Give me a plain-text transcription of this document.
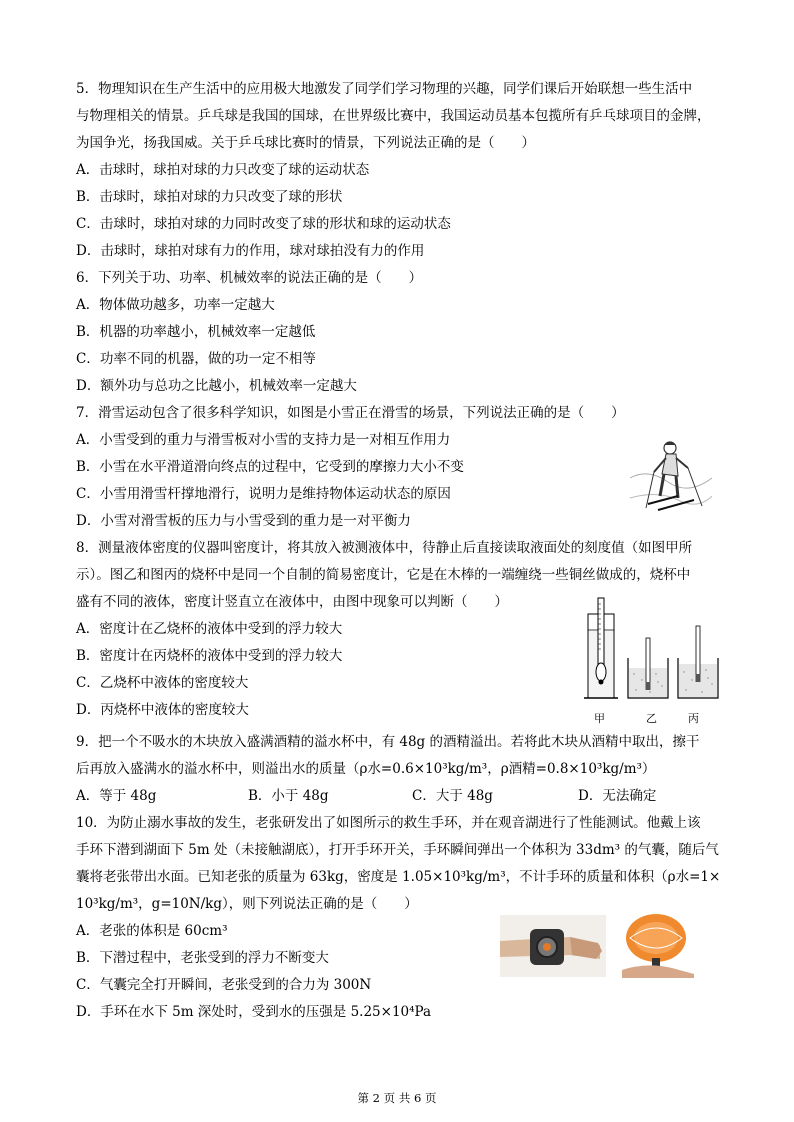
5．物理知识在生产生活中的应用极大地激发了同学们学习物理的兴趣，同学们课后开始联想一些生活中
与物理相关的情景。乒乓球是我国的国球，在世界级比赛中，我国运动员基本包揽所有乒乓球项目的金牌，
为国争光，扬我国威。关于乒乓球比赛时的情景，下列说法正确的是（　　）
A．击球时，球拍对球的力只改变了球的运动状态
B．击球时，球拍对球的力只改变了球的形状
C．击球时，球拍对球的力同时改变了球的形状和球的运动状态
D．击球时，球拍对球有力的作用，球对球拍没有力的作用
6．下列关于功、功率、机械效率的说法正确的是（　　）
A．物体做功越多，功率一定越大
B．机器的功率越小，机械效率一定越低
C．功率不同的机器，做的功一定不相等
D．额外功与总功之比越小，机械效率一定越大
7．滑雪运动包含了很多科学知识，如图是小雪正在滑雪的场景，下列说法正确的是（　　）
A．小雪受到的重力与滑雪板对小雪的支持力是一对相互作用力
B．小雪在水平滑道滑向终点的过程中，它受到的摩擦力大小不变
C．小雪用滑雪杆撑地滑行，说明力是维持物体运动状态的原因
D．小雪对滑雪板的压力与小雪受到的重力是一对平衡力
8．测量液体密度的仪器叫密度计，将其放入被测液体中，待静止后直接读取液面处的刻度值（如图甲所
示）。图乙和图丙的烧杯中是同一个自制的简易密度计，它是在木棒的一端缠绕一些铜丝做成的，烧杯中
盛有不同的液体，密度计竖直立在液体中，由图中现象可以判断（　　）
A．密度计在乙烧杯的液体中受到的浮力较大
B．密度计在丙烧杯的液体中受到的浮力较大
C．乙烧杯中液体的密度较大
D．丙烧杯中液体的密度较大
甲	乙	丙
9．把一个不吸水的木块放入盛满酒精的溢水杯中，有 48g 的酒精溢出。若将此木块从酒精中取出，擦干
后再放入盛满水的溢水杯中，则溢出水的质量（ρ水=0.6×10³kg/m³，ρ酒精=0.8×10³kg/m³）
A．等于 48g	B．小于 48g	C．大于 48g	D．无法确定
10．为防止溺水事故的发生，老张研发出了如图所示的救生手环，并在观音湖进行了性能测试。他戴上该
手环下潜到湖面下 5m 处（未接触湖底），打开手环开关，手环瞬间弹出一个体积为 33dm³ 的气囊，随后气
囊将老张带出水面。已知老张的质量为 63kg，密度是 1.05×10³kg/m³，不计手环的质量和体积（ρ水=1×
10³kg/m³，g=10N/kg），则下列说法正确的是（　　）
A．老张的体积是 60cm³
B．下潜过程中，老张受到的浮力不断变大
C．气囊完全打开瞬间，老张受到的合力为 300N
D．手环在水下 5m 深处时，受到水的压强是 5.25×10⁴Pa
第 2 页 共 6 页
